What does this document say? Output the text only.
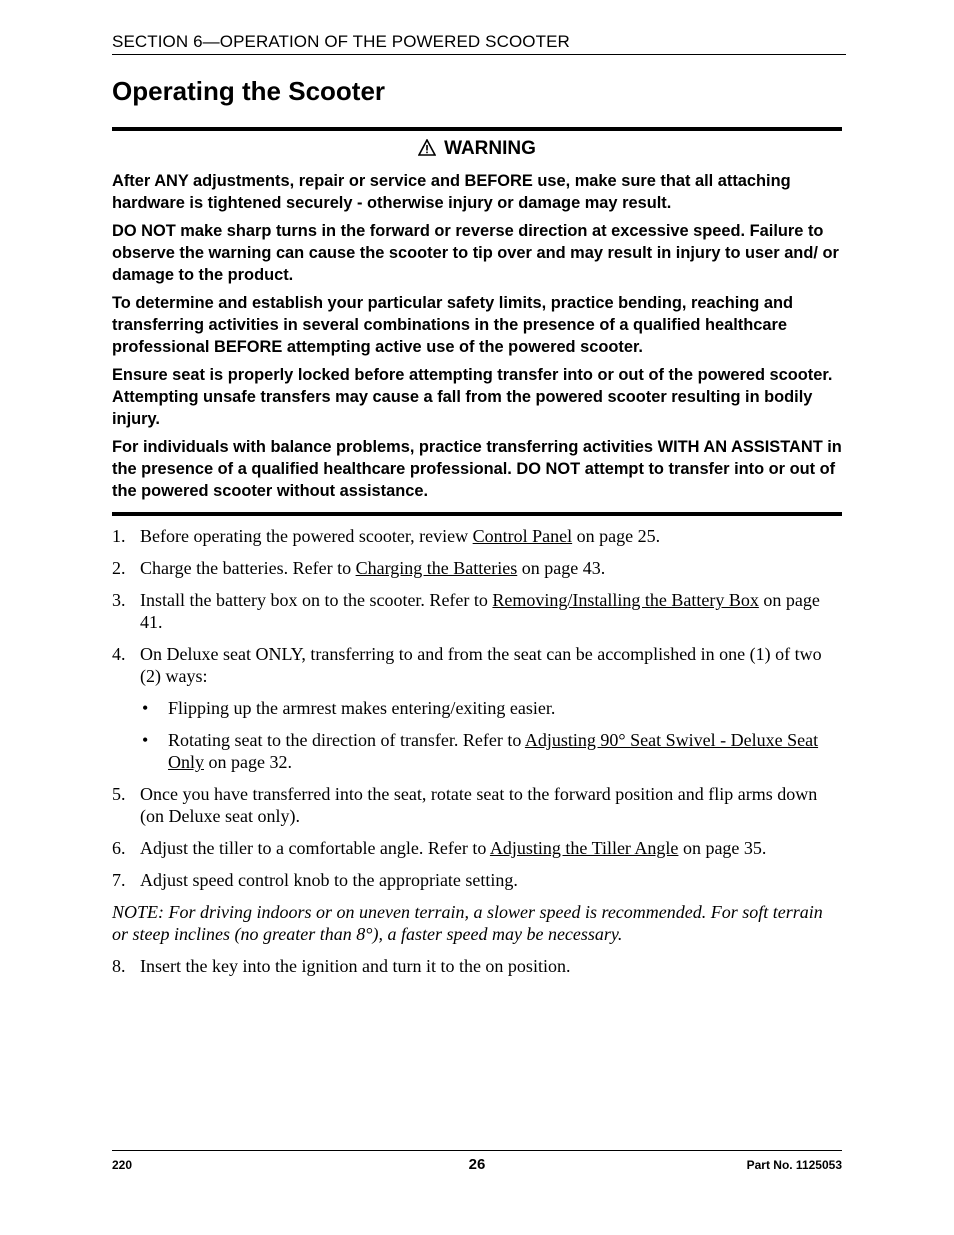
SECTION 6—OPERATION OF THE POWERED SCOOTER
Operating the Scooter
WARNING

After ANY adjustments, repair or service and BEFORE use, make sure that all attaching hardware is tightened securely - otherwise injury or damage may result.

DO NOT make sharp turns in the forward or reverse direction at excessive speed. Failure to observe the warning can cause the scooter to tip over and may result in injury to user and/ or damage to the product.

To determine and establish your particular safety limits, practice bending, reaching and transferring activities in several combinations in the presence of a qualified healthcare professional BEFORE attempting active use of the powered scooter.

Ensure seat is properly locked before attempting transfer into or out of the powered scooter. Attempting unsafe transfers may cause a fall from the powered scooter resulting in bodily injury.

For individuals with balance problems, practice transferring activities WITH AN ASSISTANT in the presence of a qualified healthcare professional. DO NOT attempt to transfer into or out of the powered scooter without assistance.

1. Before operating the powered scooter, review Control Panel on page 25.
2. Charge the batteries. Refer to Charging the Batteries on page 43.
3. Install the battery box on to the scooter. Refer to Removing/Installing the Battery Box on page 41.
4. On Deluxe seat ONLY, transferring to and from the seat can be accomplished in one (1) of two (2) ways:
• Flipping up the armrest makes entering/exiting easier.
• Rotating seat to the direction of transfer. Refer to Adjusting 90° Seat Swivel - Deluxe Seat Only on page 32.
5. Once you have transferred into the seat, rotate seat to the forward position and flip arms down (on Deluxe seat only).
6. Adjust the tiller to a comfortable angle. Refer to Adjusting the Tiller Angle on page 35.
7. Adjust speed control knob to the appropriate setting.
NOTE: For driving indoors or on uneven terrain, a slower speed is recommended. For soft terrain or steep inclines (no greater than 8°), a faster speed may be necessary.
8. Insert the key into the ignition and turn it to the on position.
220	26	Part No. 1125053
